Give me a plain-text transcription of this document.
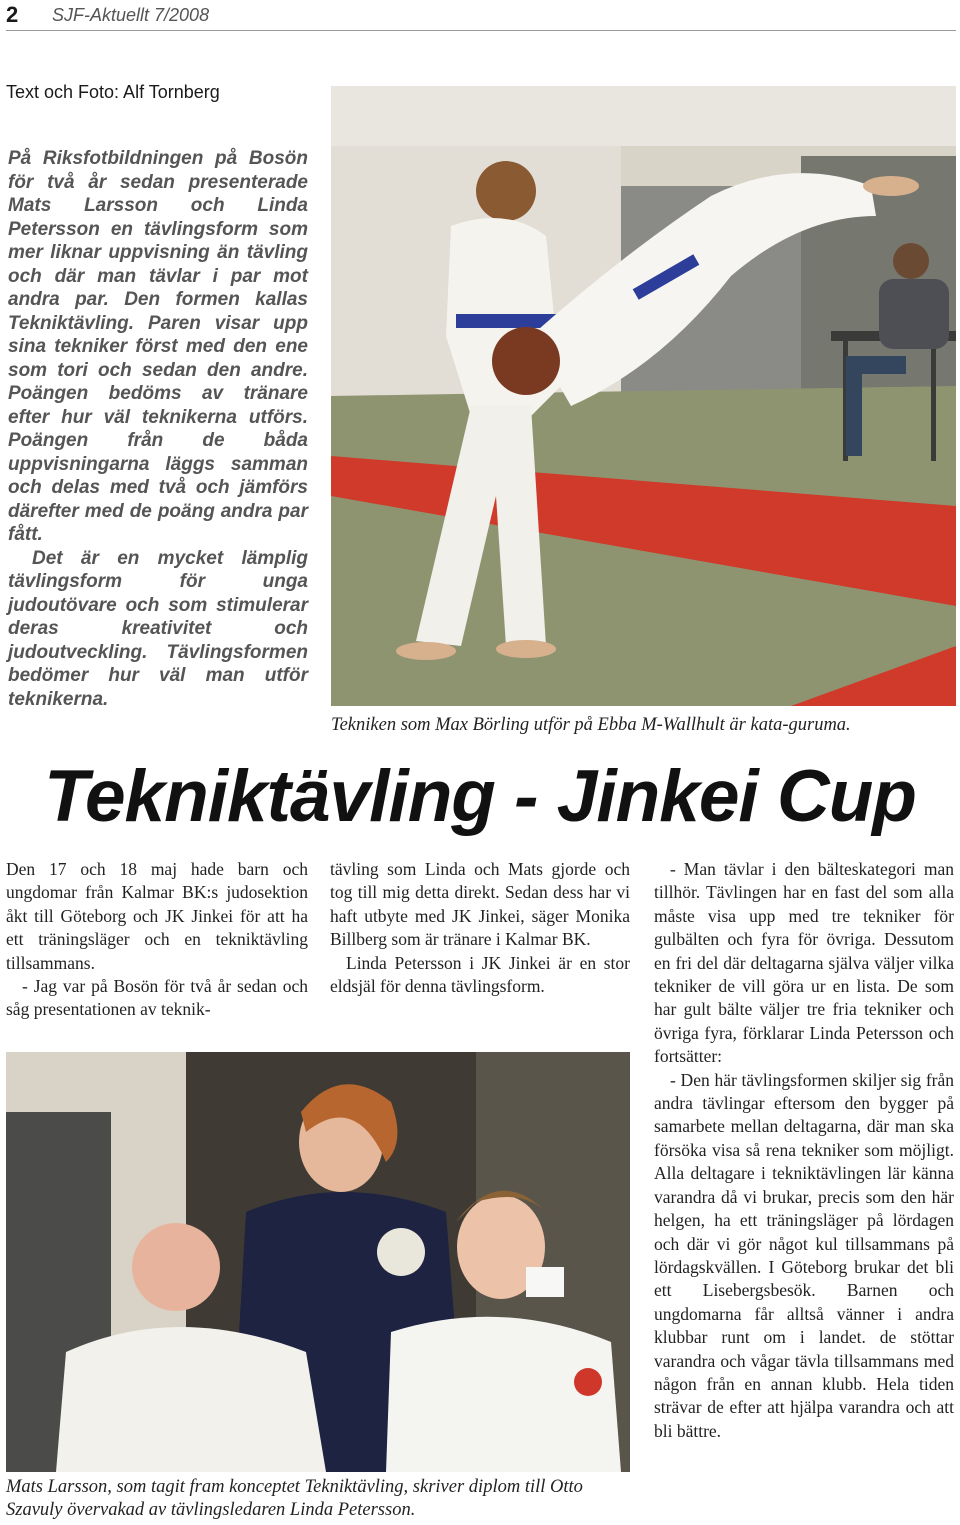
2 SJF-Aktuellt 7/2008
Text och Foto: Alf Tornberg

På Riksfotbildningen på Bosön för två år sedan presenterade Mats Larsson och Linda Petersson en tävlingsform som mer liknar uppvisning än tävling och där man tävlar i par mot andra par. Den formen kallas Tekniktävling. Paren visar upp sina tekniker först med den ene som tori och sedan den andre. Poängen bedöms av tränare efter hur väl teknikerna utförs. Poängen från de båda uppvisningarna läggs samman och delas med två och jämförs därefter med de poäng andra par fått.

Det är en mycket lämplig tävlingsform för unga judoutövare och som stimulerar deras kreativitet och judoutveckling. Tävlingsformen bedömer hur väl man utför teknikerna.

Tekniken som Max Börling utför på Ebba M-Wallhult är kata-guruma.
Tekniktävling - Jinkei Cup

Den 17 och 18 maj hade barn och ungdomar från Kalmar BK:s judosektion åkt till Göteborg och JK Jinkei för att ha ett träningsläger och en tekniktävling tillsammans.

- Jag var på Bosön för två år sedan och såg presentationen av teknik-

tävling som Linda och Mats gjorde och tog till mig detta direkt. Sedan dess har vi haft utbyte med JK Jinkei, säger Monika Billberg som är tränare i Kalmar BK.

Linda Petersson i JK Jinkei är en stor eldsjäl för denna tävlingsform.

- Man tävlar i den bälteskategori man tillhör. Tävlingen har en fast del som alla måste visa upp med tre tekniker för gulbälten och fyra för övriga. Dessutom en fri del där deltagarna själva väljer vilka tekniker de vill göra ur en lista. De som har gult bälte väljer tre fria tekniker och övriga fyra, förklarar Linda Petersson och fortsätter:

- Den här tävlingsformen skiljer sig från andra tävlingar eftersom den bygger på samarbete mellan deltagarna, där man ska försöka visa så rena tekniker som möjligt. Alla deltagare i tekniktävlingen lär känna varandra då vi brukar, precis som den här helgen, ha ett träningsläger på lördagen och där vi gör något kul tillsammans på lördagskvällen. I Göteborg brukar det bli ett Lisebergsbesök. Barnen och ungdomarna får alltså vänner i andra klubbar runt om i landet. de stöttar varandra och vågar tävla tillsammans med någon från en annan klubb. Hela tiden strävar de efter att hjälpa varandra och att bli bättre.

Mats Larsson, som tagit fram konceptet Tekniktävling, skriver diplom till Otto Szavuly övervakad av tävlingsledaren Linda Petersson.
